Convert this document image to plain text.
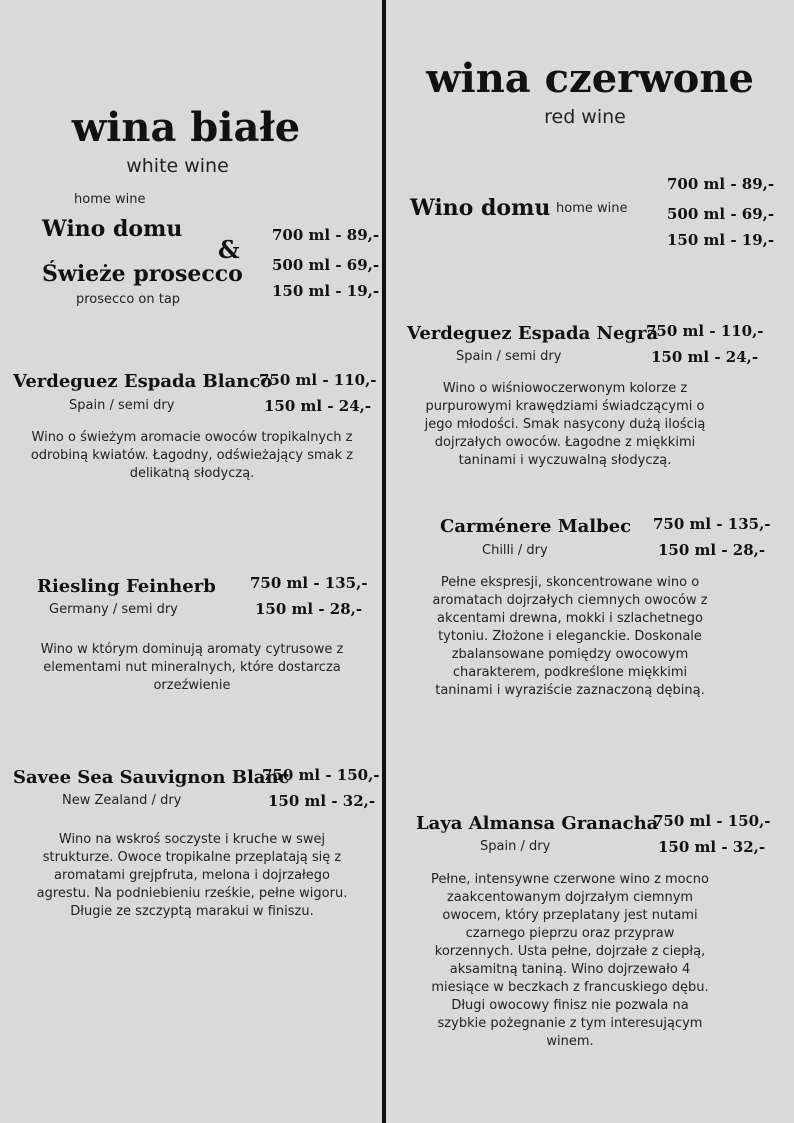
wina białe
white wine
home wine
Wino domu
&
Świeże prosecco
prosecco on tap
700 ml - 89,-
500 ml - 69,-
150 ml - 19,-
Verdeguez Espada Blanco
Spain / semi dry
750 ml - 110,-
150 ml - 24,-
Wino o świeżym aromacie owoców tropikalnych z odrobiną kwiatów. Łagodny, odświeżający smak z delikatną słodyczą.
Riesling Feinherb
Germany / semi dry
750 ml - 135,-
150 ml - 28,-
Wino w którym dominują aromaty cytrusowe z elementami nut mineralnych, które dostarcza orzeźwienie
Savee Sea Sauvignon Blanc
New Zealand / dry
750 ml - 150,-
150 ml - 32,-
Wino na wskroś soczyste i kruche w swej strukturze. Owoce tropikalne przeplatają się z aromatami grejpfruta, melona i dojrzałego agrestu. Na podniebieniu rześkie, pełne wigoru. Długie ze szczyptą marakui w finiszu.
wina czerwone
red wine
Wino domu home wine
700 ml - 89,-
500 ml - 69,-
150 ml - 19,-
Verdeguez Espada Negra
Spain / semi dry
750 ml - 110,-
150 ml - 24,-
Wino o wiśniowoczerwonym kolorze z purpurowymi krawędziami świadczącymi o jego młodości. Smak nasycony dużą ilością dojrzałych owoców. Łagodne z miękkimi taninami i wyczuwalną słodyczą.
Carménere Malbec
Chilli / dry
750 ml - 135,-
150 ml - 28,-
Pełne ekspresji, skoncentrowane wino o aromatach dojrzałych ciemnych owoców z akcentami drewna, mokki i szlachetnego tytoniu. Złożone i eleganckie. Doskonale zbalansowane pomiędzy owocowym charakterem, podkreślone miękkimi taninami i wyraziście zaznaczoną dębiną.
Laya Almansa Granacha
Spain / dry
750 ml - 150,-
150 ml - 32,-
Pełne, intensywne czerwone wino z mocno zaakcentowanym dojrzałym ciemnym owocem, który przeplatany jest nutami czarnego pieprzu oraz przypraw korzennych. Usta pełne, dojrzałe z ciepłą, aksamitną taniną. Wino dojrzewało 4 miesiące w beczkach z francuskiego dębu. Długi owocowy finisz nie pozwala na szybkie pożegnanie z tym interesującym winem.
